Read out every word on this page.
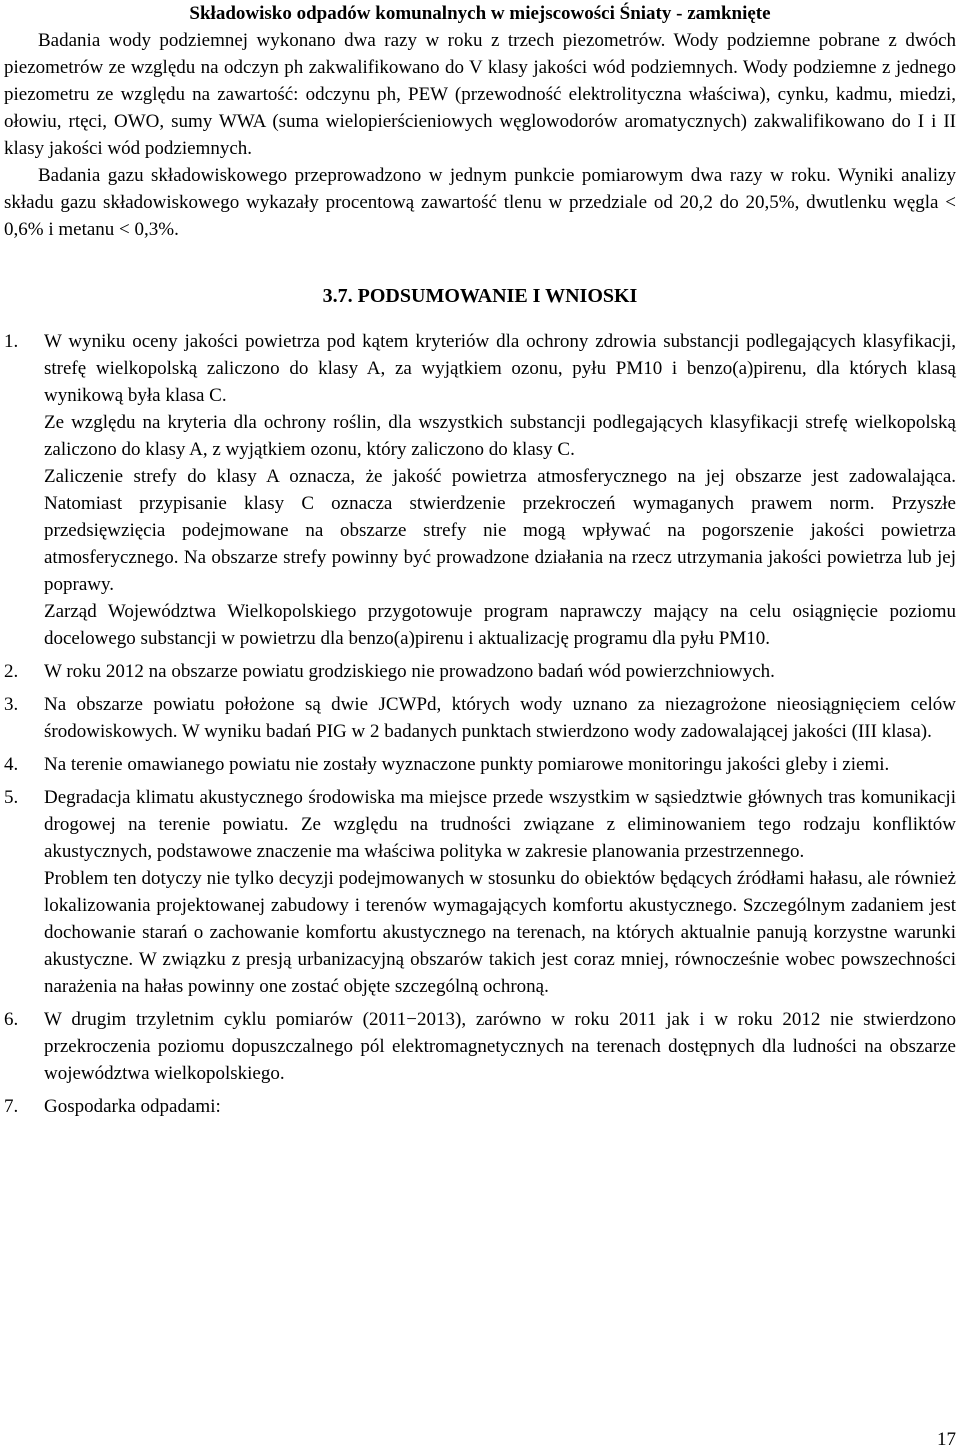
Składowisko odpadów komunalnych w miejscowości Śniaty - zamknięte

Badania wody podziemnej wykonano dwa razy w roku z trzech piezometrów. Wody podziemne pobrane z dwóch piezometrów ze względu na odczyn ph zakwalifikowano do V klasy jakości wód podziemnych. Wody podziemne z jednego piezometru ze względu na zawartość: odczynu ph, PEW (przewodność elektrolityczna właściwa), cynku, kadmu, miedzi, ołowiu, rtęci, OWO, sumy WWA (suma wielopierścieniowych węglowodorów aromatycznych) zakwalifikowano do I i II klasy jakości wód podziemnych.

Badania gazu składowiskowego przeprowadzono w jednym punkcie pomiarowym dwa razy w roku. Wyniki analizy składu gazu składowiskowego wykazały procentową zawartość tlenu w przedziale od 20,2 do 20,5%, dwutlenku węgla < 0,6% i metanu < 0,3%.

3.7. PODSUMOWANIE I WNIOSKI
1.	W wyniku oceny jakości powietrza pod kątem kryteriów dla ochrony zdrowia substancji podlegających klasyfikacji, strefę wielkopolską zaliczono do klasy A, za wyjątkiem ozonu, pyłu PM10 i benzo(a)pirenu, dla których klasą wynikową była klasa C.

Ze względu na kryteria dla ochrony roślin, dla wszystkich substancji podlegających klasyfikacji strefę wielkopolską zaliczono do klasy A, z wyjątkiem ozonu, który zaliczono do klasy C.

Zaliczenie strefy do klasy A oznacza, że jakość powietrza atmosferycznego na jej obszarze jest zadowalająca. Natomiast przypisanie klasy C oznacza stwierdzenie przekroczeń wymaganych prawem norm. Przyszłe przedsięwzięcia podejmowane na obszarze strefy nie mogą wpływać na pogorszenie jakości powietrza atmosferycznego. Na obszarze strefy powinny być prowadzone działania na rzecz utrzymania jakości powietrza lub jej poprawy.

Zarząd Województwa Wielkopolskiego przygotowuje program naprawczy mający na celu osiągnięcie poziomu docelowego substancji w powietrzu dla benzo(a)pirenu i aktualizację programu dla pyłu PM10.

2.	W roku 2012 na obszarze powiatu grodziskiego nie prowadzono badań wód powierzchniowych.

3.	Na obszarze powiatu położone są dwie JCWPd, których wody uznano za niezagrożone nieosiągnięciem celów środowiskowych. W wyniku badań PIG w 2 badanych punktach stwierdzono wody zadowalającej jakości (III klasa).

4.	Na terenie omawianego powiatu nie zostały wyznaczone punkty pomiarowe monitoringu jakości gleby i ziemi.

5.	Degradacja klimatu akustycznego środowiska ma miejsce przede wszystkim w sąsiedztwie głównych tras komunikacji drogowej na terenie powiatu. Ze względu na trudności związane z eliminowaniem tego rodzaju konfliktów akustycznych, podstawowe znaczenie ma właściwa polityka w zakresie planowania przestrzennego.

Problem ten dotyczy nie tylko decyzji podejmowanych w stosunku do obiektów będących źródłami hałasu, ale również lokalizowania projektowanej zabudowy i terenów wymagających komfortu akustycznego. Szczególnym zadaniem jest dochowanie starań o zachowanie komfortu akustycznego na terenach, na których aktualnie panują korzystne warunki akustyczne. W związku z presją urbanizacyjną obszarów takich jest coraz mniej, równocześnie wobec powszechności narażenia na hałas powinny one zostać objęte szczególną ochroną.

6.	W drugim trzyletnim cyklu pomiarów (2011−2013), zarówno w roku 2011 jak i w roku 2012 nie stwierdzono przekroczenia poziomu dopuszczalnego pól elektromagnetycznych na terenach dostępnych dla ludności na obszarze województwa wielkopolskiego.

7.	Gospodarka odpadami:

17
